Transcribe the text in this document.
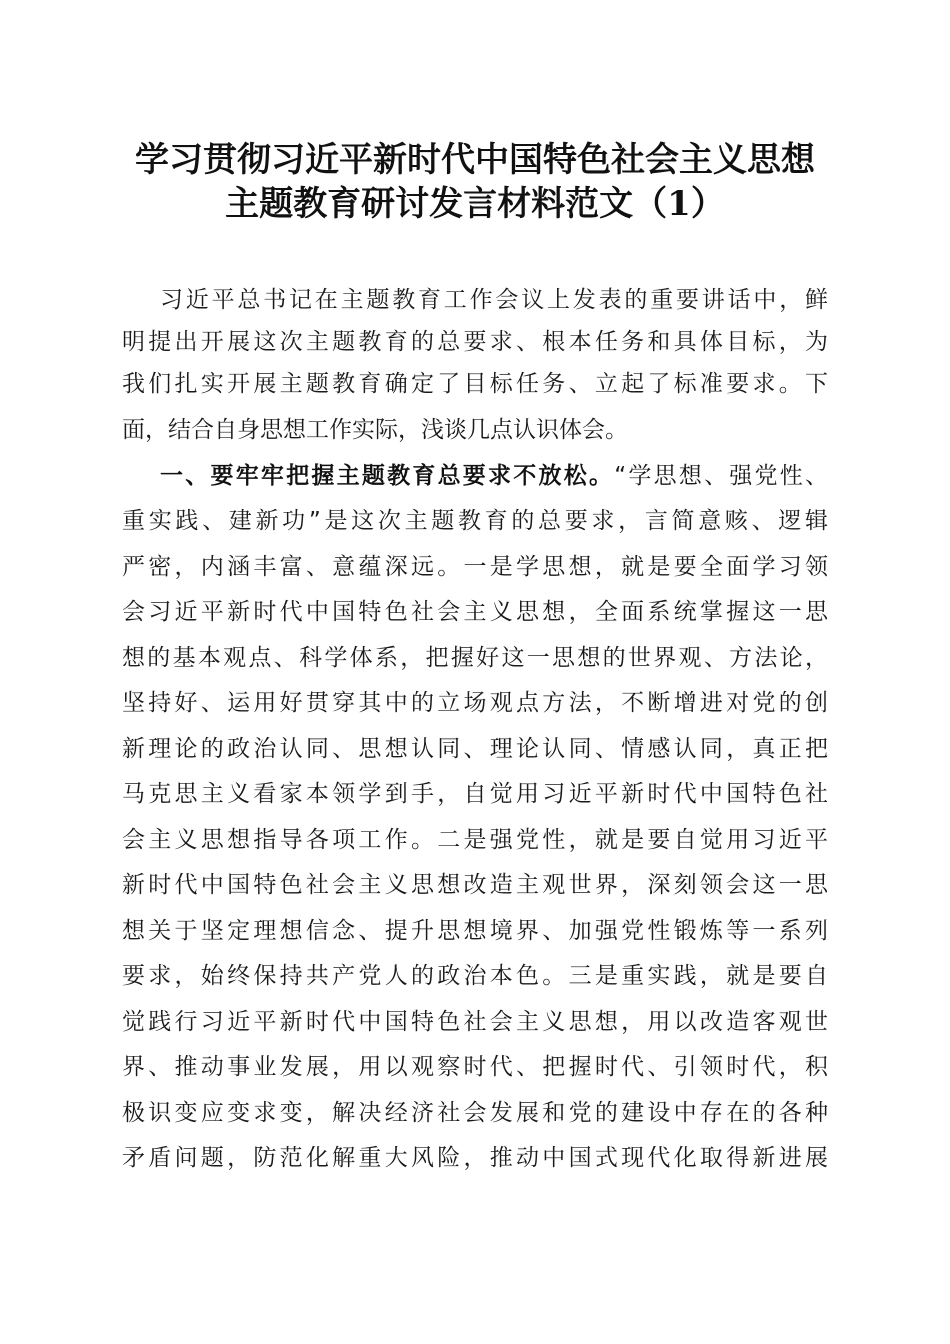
学习贯彻习近平新时代中国特色社会主义思想
主题教育研讨发言材料范文（1）
习近平总书记在主题教育工作会议上发表的重要讲话中，鲜
明提出开展这次主题教育的总要求、根本任务和具体目标，为
我们扎实开展主题教育确定了目标任务、立起了标准要求。下
面，结合自身思想工作实际，浅谈几点认识体会。
一、要牢牢把握主题教育总要求不放松。“学思想、强党性、
重实践、建新功”是这次主题教育的总要求，言简意赅、逻辑
严密，内涵丰富、意蕴深远。一是学思想，就是要全面学习领
会习近平新时代中国特色社会主义思想，全面系统掌握这一思
想的基本观点、科学体系，把握好这一思想的世界观、方法论，
坚持好、运用好贯穿其中的立场观点方法，不断增进对党的创
新理论的政治认同、思想认同、理论认同、情感认同，真正把
马克思主义看家本领学到手，自觉用习近平新时代中国特色社
会主义思想指导各项工作。二是强党性，就是要自觉用习近平
新时代中国特色社会主义思想改造主观世界，深刻领会这一思
想关于坚定理想信念、提升思想境界、加强党性锻炼等一系列
要求，始终保持共产党人的政治本色。三是重实践，就是要自
觉践行习近平新时代中国特色社会主义思想，用以改造客观世
界、推动事业发展，用以观察时代、把握时代、引领时代，积
极识变应变求变，解决经济社会发展和党的建设中存在的各种
矛盾问题，防范化解重大风险，推动中国式现代化取得新进展
